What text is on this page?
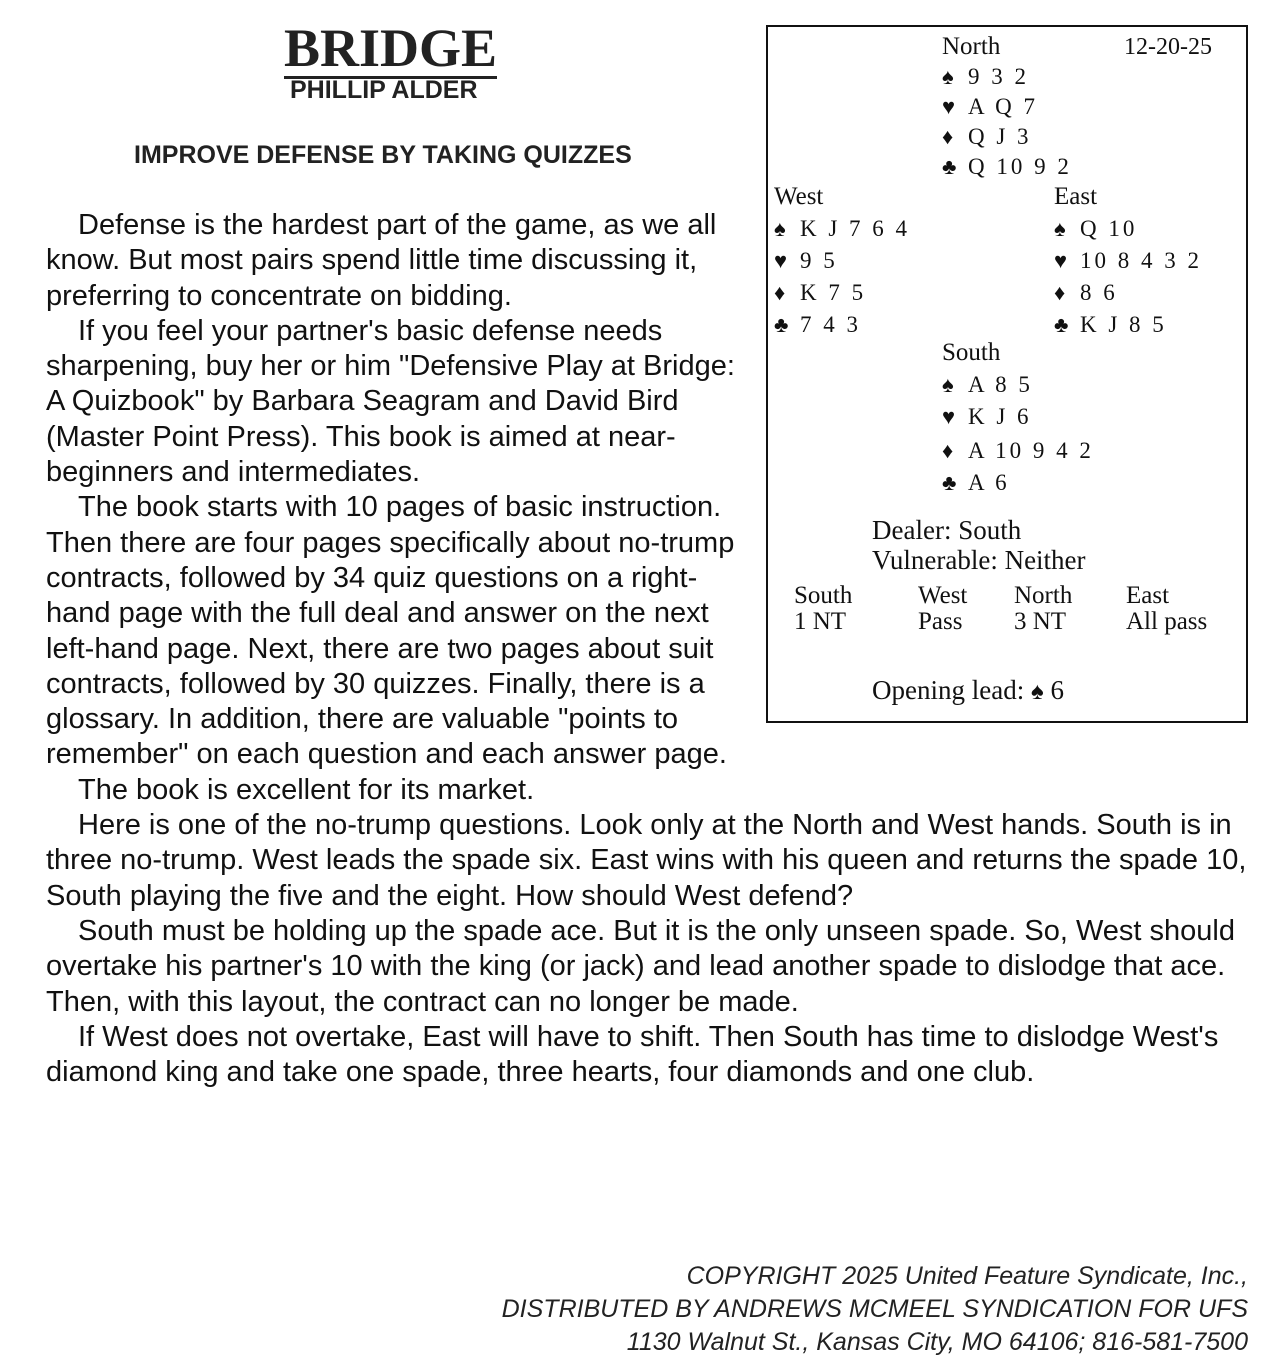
BRIDGE
PHILLIP ALDER
IMPROVE DEFENSE BY TAKING QUIZZES
North	12-20-25
♠ 9 3 2
♥ A Q 7
♦ Q J 3
♣ Q 10 9 2
West
♠ K J 7 6 4
♥ 9 5
♦ K 7 5
♣ 7 4 3
East
♠ Q 10
♥ 10 8 4 3 2
♦ 8 6
♣ K J 8 5
South
♠ A 8 5
♥ K J 6
♦ A 10 9 4 2
♣ A 6
Dealer: South
Vulnerable: Neither
South
1 NT
West
Pass
North
3 NT
East
All pass
Opening lead: ♠ 6

Defense is the hardest part of the game, as we all know. But most pairs spend little time discussing it, preferring to concentrate on bidding.

If you feel your partner's basic defense needs sharpening, buy her or him "Defensive Play at Bridge: A Quizbook" by Barbara Seagram and David Bird (Master Point Press). This book is aimed at near-beginners and intermediates.

The book starts with 10 pages of basic instruction. Then there are four pages specifically about no-trump contracts, followed by 34 quiz questions on a right-hand page with the full deal and answer on the next left-hand page. Next, there are two pages about suit contracts, followed by 30 quizzes. Finally, there is a glossary. In addition, there are valuable "points to remember" on each question and each answer page.

The book is excellent for its market.

Here is one of the no-trump questions. Look only at the North and West hands. South is in three no-trump. West leads the spade six. East wins with his queen and returns the spade 10, South playing the five and the eight. How should West defend?

South must be holding up the spade ace. But it is the only unseen spade. So, West should overtake his partner's 10 with the king (or jack) and lead another spade to dislodge that ace. Then, with this layout, the contract can no longer be made.

If West does not overtake, East will have to shift. Then South has time to dislodge West's diamond king and take one spade, three hearts, four diamonds and one club.

COPYRIGHT 2025 United Feature Syndicate, Inc.,
DISTRIBUTED BY ANDREWS MCMEEL SYNDICATION FOR UFS
1130 Walnut St., Kansas City, MO 64106; 816-581-7500
